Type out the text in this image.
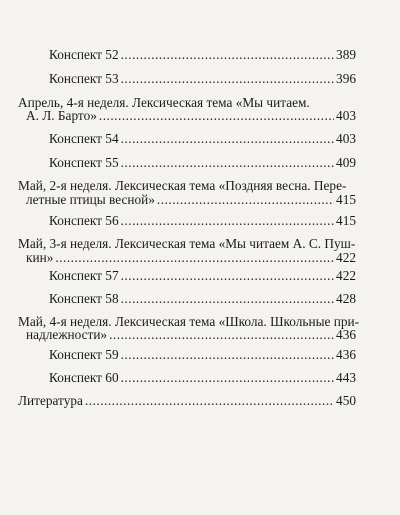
Конспект 52 .....	389
Конспект 53 .....	396
Апрель, 4-я неделя. Лексическая тема «Мы читаем.
А. Л. Барто» .....	403
Конспект 54 .....	403
Конспект 55 .....	409
Май, 2-я неделя. Лексическая тема «Поздняя весна. Пере-
летные птицы весной» .....	415
Конспект 56 .....	415
Май, 3-я неделя. Лексическая тема «Мы читаем А. С. Пуш-
кин» .....	422
Конспект 57 .....	422
Конспект 58 .....	428
Май, 4-я неделя. Лексическая тема «Школа. Школьные при-
надлежности» .....	436
Конспект 59 .....	436
Конспект 60 .....	443
Литература .....	450
